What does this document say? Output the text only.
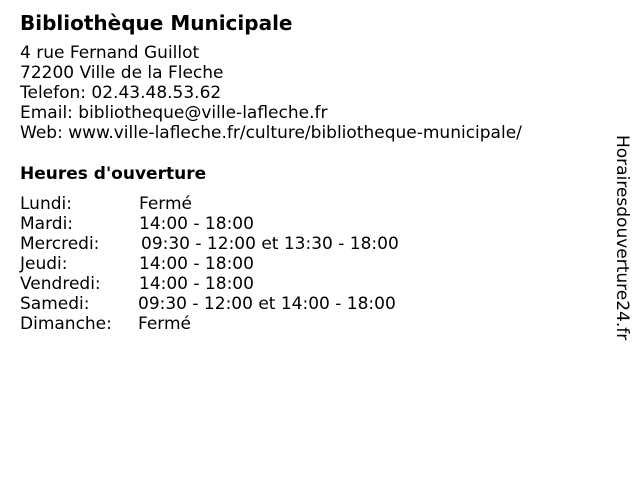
Bibliothèque Municipale
4 rue Fernand Guillot
72200 Ville de la Fleche
Telefon: 02.43.48.53.62
Email: bibliotheque@ville-lafleche.fr
Web: www.ville-lafleche.fr/culture/bibliotheque-municipale/
Heures d'ouverture
Lundi:	Fermé
Mardi:	14:00 - 18:00
Mercredi: 09:30 - 12:00 et 13:30 - 18:00
Jeudi:	14:00 - 18:00
Vendredi: 14:00 - 18:00
Samedi:	09:30 - 12:00 et 14:00 - 18:00
Dimanche: Fermé	Horairesdouverture24.fr
